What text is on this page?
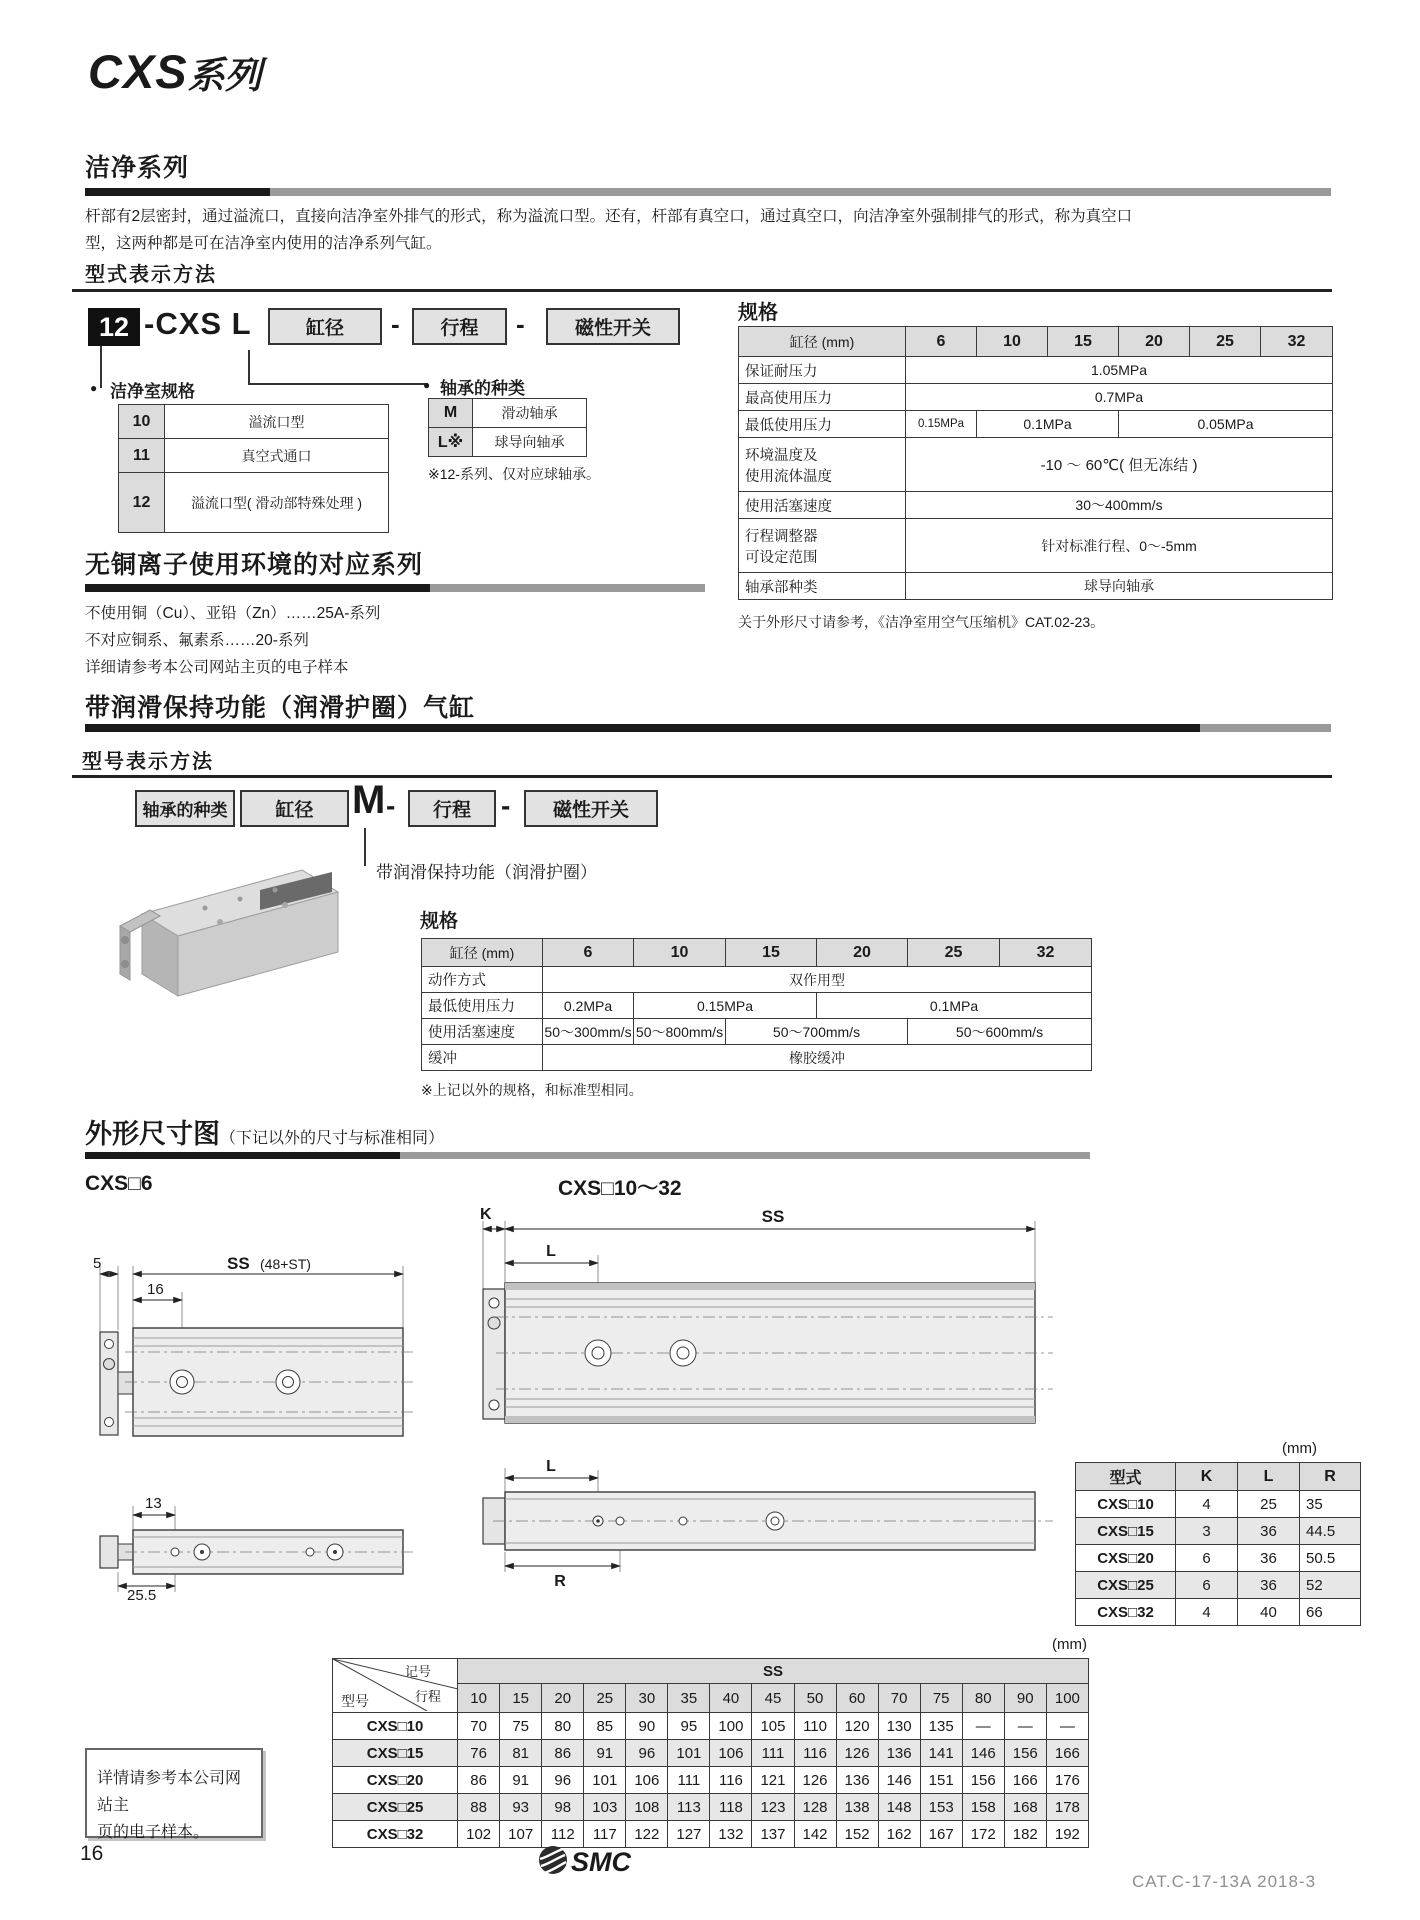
CXS系列
洁净系列
杆部有2层密封，通过溢流口，直接向洁净室外排气的形式，称为溢流口型。还有，杆部有真空口，通过真空口，向洁净室外强制排气的形式，称为真空口
型，这两种都是可在洁净室内使用的洁净系列气缸。
型式表示方法
12 -CXS L	缸径	-	行程	-	磁性开关
● 洁净室规格
10	溢流口型
11	真空式通口
12	溢流口型( 滑动部特殊处理 )
● 轴承的种类
M	滑动轴承
L※	球导向轴承
※12-系列、仅对应球轴承。
规格
缸径 (mm)	6	10	15	20	25	32
保证耐压力	1.05MPa					
最高使用压力	0.7MPa					
最低使用压力	0.15MPa	0.1MPa		0.05MPa		

环境温度及
使用流体温度	-10 ～ 60℃( 但无冻结 )					
使用活塞速度	30～400mm/s					

行程调整器
可设定范围	针对标准行程、0～-5mm					
轴承部种类	球导向轴承					
关于外形尺寸请参考，《洁净室用空气压缩机》CAT.02-23。
无铜离子使用环境的对应系列
不使用铜（Cu）、亚铅（Zn）……25A-系列
不对应铜系、氟素系……20-系列
详细请参考本公司网站主页的电子样本
带润滑保持功能（润滑护圈）气缸
型号表示方法
轴承的种类	缸径 M -	行程	-	磁性开关
带润滑保持功能（润滑护圈）
规格
缸径 (mm)	6	10	15	20	25	32
动作方式	双作用型					
最低使用压力	0.2MPa	0.15MPa		0.1MPa		
使用活塞速度	50～300mm/s	50～800mm/s	50～700mm/s		50～600mm/s	
缓冲	橡胶缓冲					
※上记以外的规格，和标准型相同。
外形尺寸图（下记以外的尺寸与标准相同）
CXS□6	CXS□10～32
5	SS (48+ST)
16
13
25.5
K	SS
L
L
R
(mm)
型式	K	L	R
CXS□10	4	25	35
CXS□15	3	36	44.5
CXS□20	6	36	50.5
CXS□25	6	36	52
CXS□32	4	40	66
(mm)
记号
行程
型号	SS														
	10	15	20	25	30	35	40	45	50	60	70	75	80	90	100
CXS□10	70	75	80	85	90	95	100	105	110	120	130	135	—	—	—
CXS□15	76	81	86	91	96	101	106	111	116	126	136	141	146	156	166
CXS□20	86	91	96	101	106	111	116	121	126	136	146	151	156	166	176
CXS□25	88	93	98	103	108	113	118	123	128	138	148	153	158	168	178
CXS□32	102	107	112	117	122	127	132	137	142	152	162	167	172	182	192
详情请参考本公司网站主
页的电子样本。
16	SMC
CAT.C-17-13A 2018-3
